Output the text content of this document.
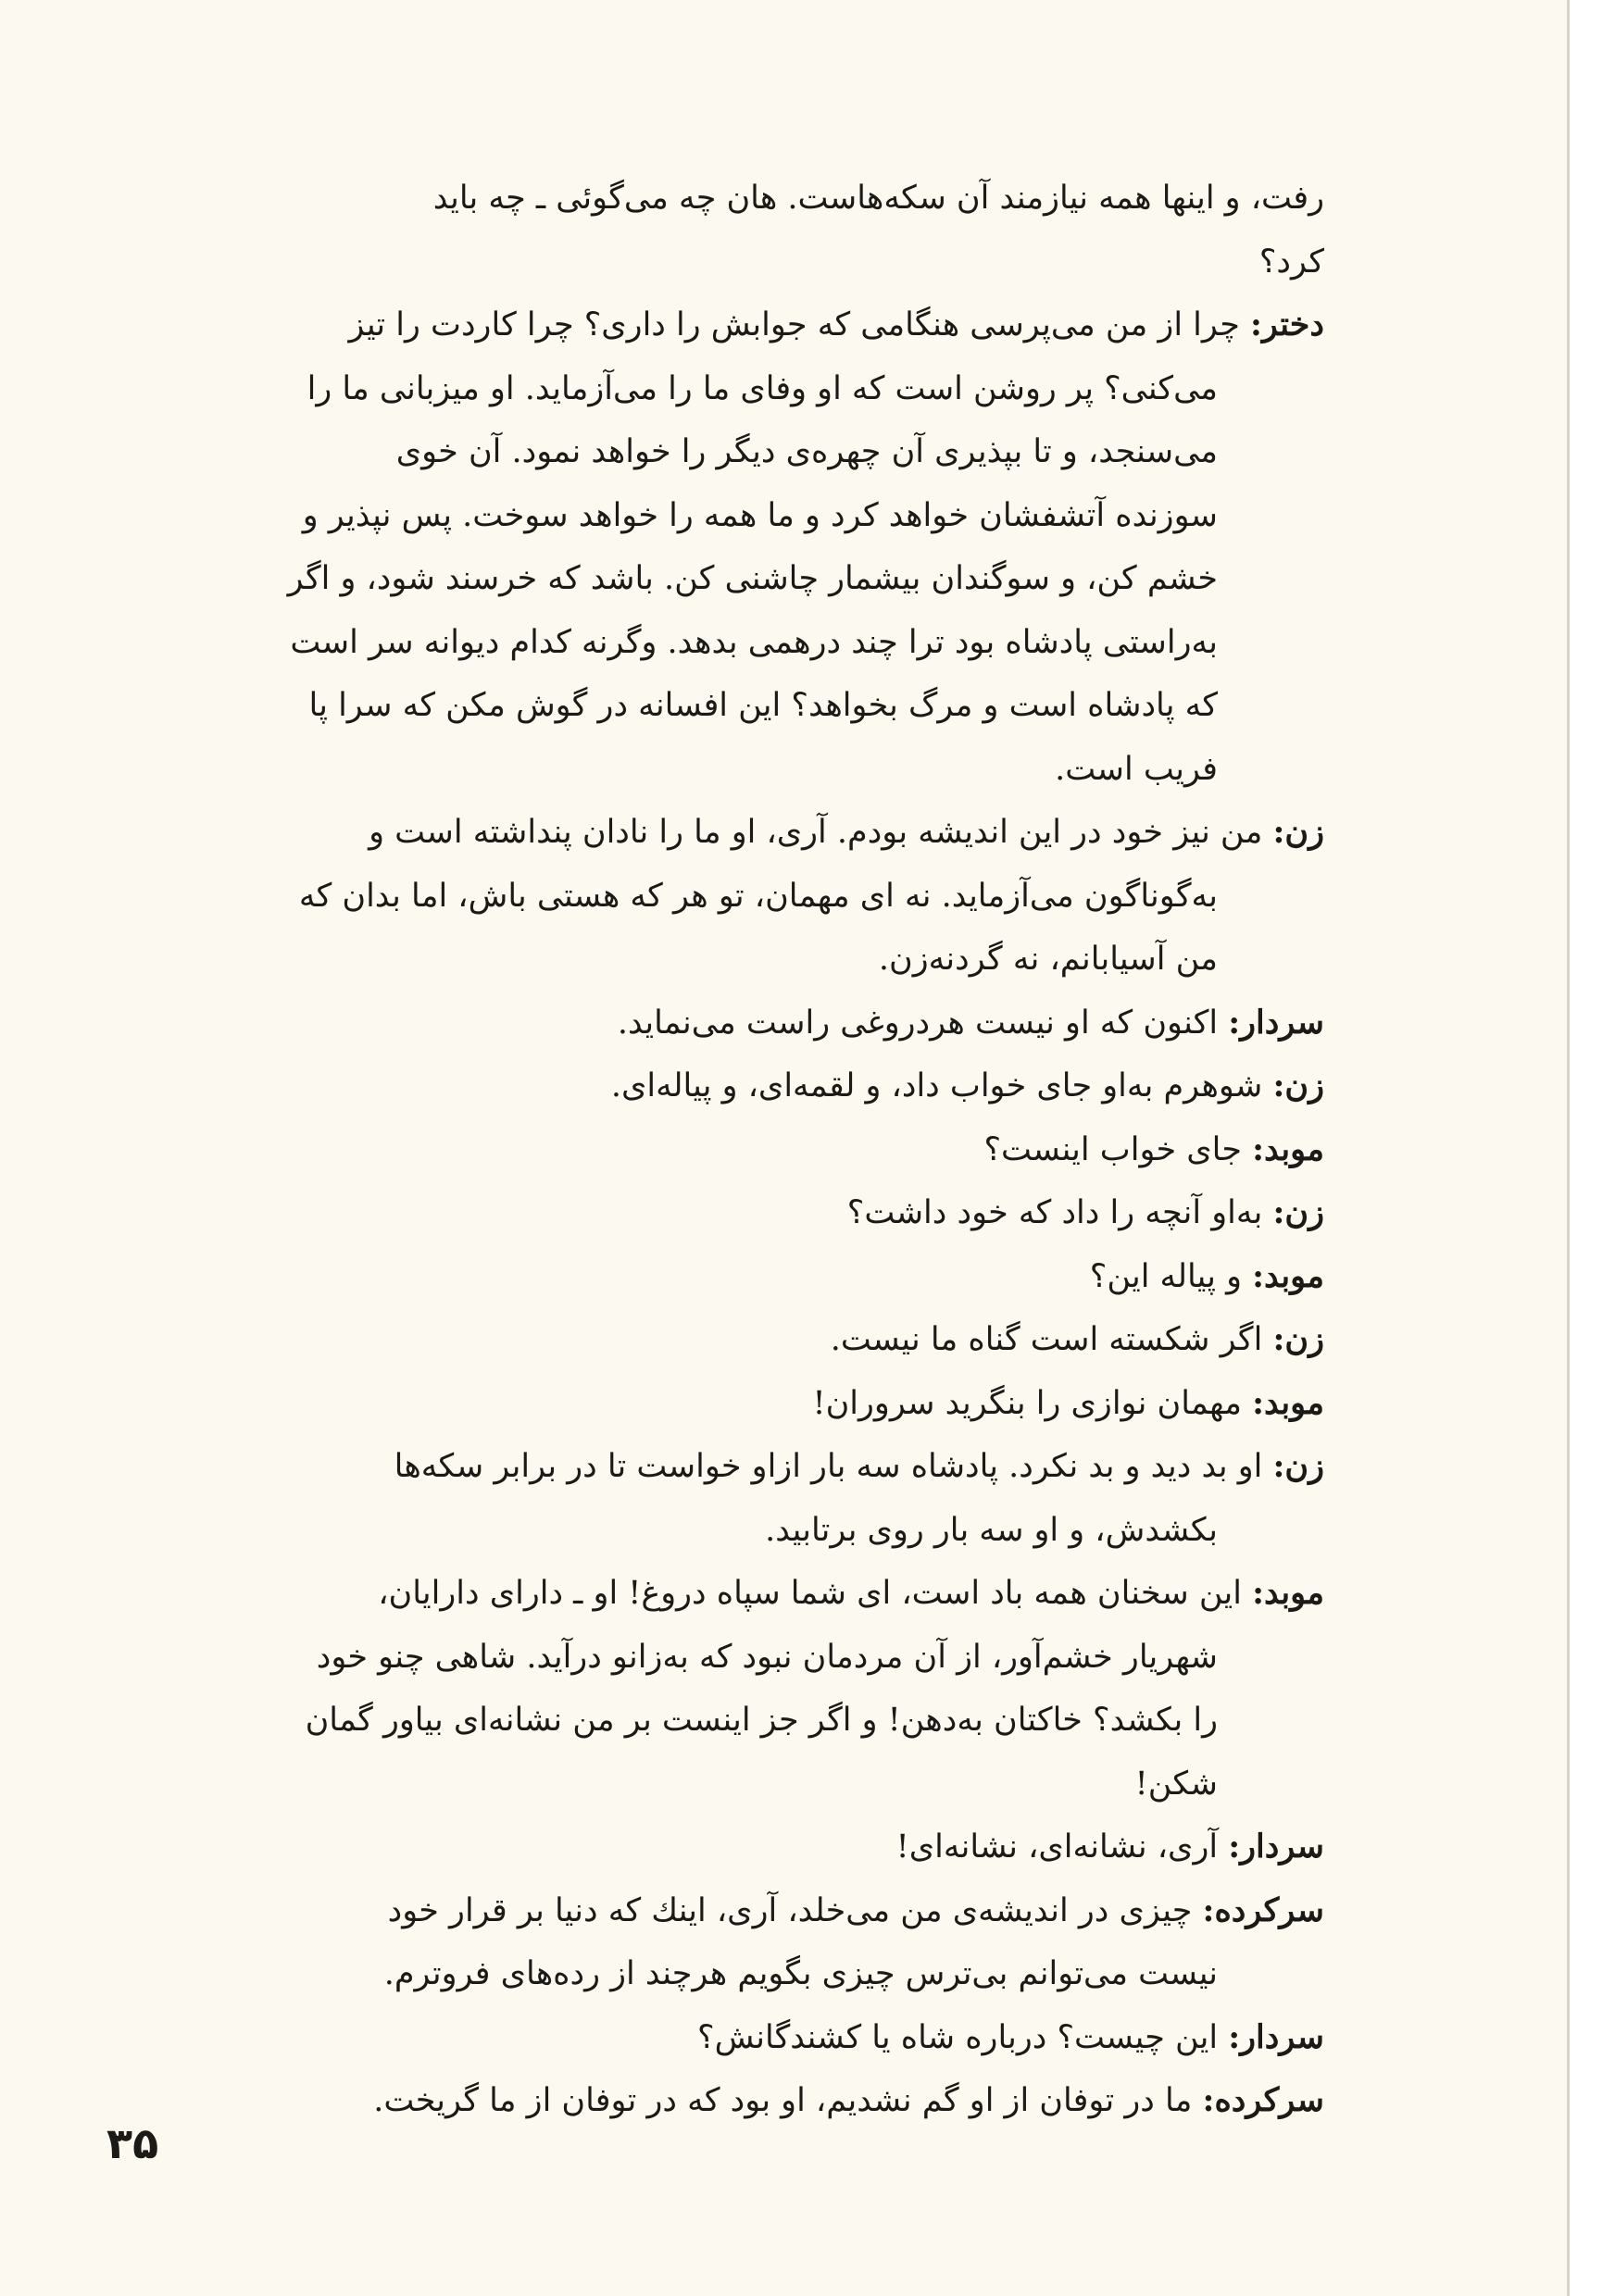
رفت، و اینها همه نیازمند آن سکه‌هاست. هان چه می‌گوئی ـ چه باید
کرد؟
دختر: چرا از من می‌پرسی هنگامی که جوابش را داری؟ چرا کاردت را تیز
می‌کنی؟ پر روشن است که او وفای ما را می‌آزماید. او میزبانی ما را
می‌سنجد، و تا بپذیری آن چهره‌ی دیگر را خواهد نمود. آن خوی
سوزنده آتشفشان خواهد کرد و ما همه را خواهد سوخت. پس نپذیر و
خشم کن، و سوگندان بیشمار چاشنی کن. باشد که خرسند شود، و اگر
به‌راستی پادشاه بود ترا چند درهمی بدهد. وگرنه کدام دیوانه سر است
که پادشاه است و مرگ بخواهد؟ این افسانه در گوش مکن که سرا پا
فریب است.
زن: من نیز خود در این اندیشه بودم. آری، او ما را نادان پنداشته است و
به‌گوناگون می‌آزماید. نه ای مهمان، تو هر که هستی باش، اما بدان که
من آسیابانم، نه گردنه‌زن.
سردار: اکنون که او نیست هردروغی راست می‌نماید.
زن: شوهرم به‌او جای خواب داد، و لقمه‌ای، و پیاله‌ای.
موبد: جای خواب اینست؟
زن: به‌او آنچه را داد که خود داشت؟
موبد: و پیاله این؟
زن: اگر شکسته است گناه ما نیست.
موبد: مهمان نوازی را بنگرید سروران!
زن: او بد دید و بد نکرد. پادشاه سه بار ازاو خواست تا در برابر سکه‌ها
بکشدش، و او سه بار روی برتابید.
موبد: این سخنان همه باد است، ای شما سپاه دروغ! او ـ دارای دارایان،
شهریار خشم‌آور، از آن مردمان نبود که به‌زانو درآید. شاهی چنو خود
را بکشد؟ خاکتان به‌دهن! و اگر جز اینست بر من نشانه‌ای بیاور گمان
شکن!
سردار: آری، نشانه‌ای، نشانه‌ای!
سرکرده: چیزی در اندیشه‌ی من می‌خلد، آری، اینك که دنیا بر قرار خود
نیست می‌توانم بی‌ترس چیزی بگویم هرچند از رده‌های فروترم.
سردار: این چیست؟ درباره شاه یا کشندگانش؟
سرکرده: ما در توفان از او گم نشدیم، او بود که در توفان از ما گریخت.
۳۵
